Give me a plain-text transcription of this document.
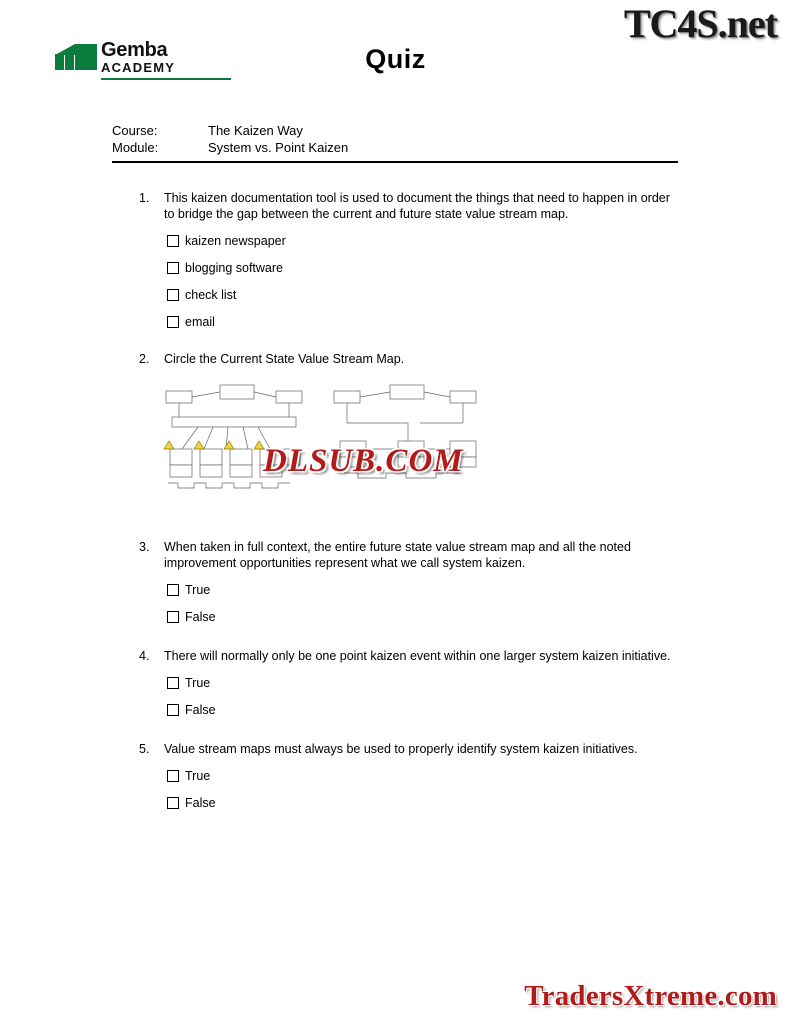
TC4S.net
Gemba
ACADEMY	Quiz
Course:	The Kaizen Way
Module:	System vs. Point Kaizen
1.	This kaizen documentation tool is used to document the things that need to happen in order to bridge the gap between the current and future state value stream map.

kaizen newspaper
blogging software
check list
email
2.	Circle the Current State Value Stream Map.

DLSUB.COM
3.	When taken in full context, the entire future state value stream map and all the noted improvement opportunities represent what we call system kaizen.

True
False
4.	There will normally only be one point kaizen event within one larger system kaizen initiative.

True
False
5.	Value stream maps must always be used to properly identify system kaizen initiatives.

True
False
TradersXtreme.com
